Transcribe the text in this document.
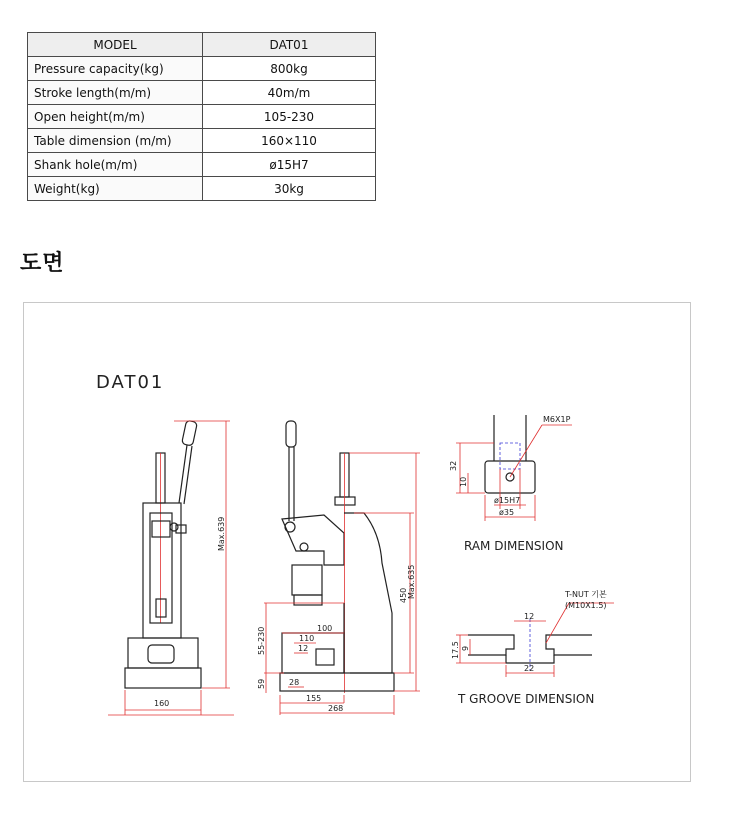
MODEL	DAT01
Pressure capacity(kg)	800kg
Stroke length(m/m)	40m/m
Open height(m/m)	105-230
Table dimension (m/m)	160×110
Shank hole(m/m)	ø15H7
Weight(kg)	30kg
도면
DAT01
Max.639
160
55-230
59
100
110
12
28
155
268
450 Max.635
M6X1P
32
10
ø15H7
ø35
RAM DIMENSION
12
T-NUT 기본
(M10X1.5)
17.5 9
22
T GROOVE DIMENSION
